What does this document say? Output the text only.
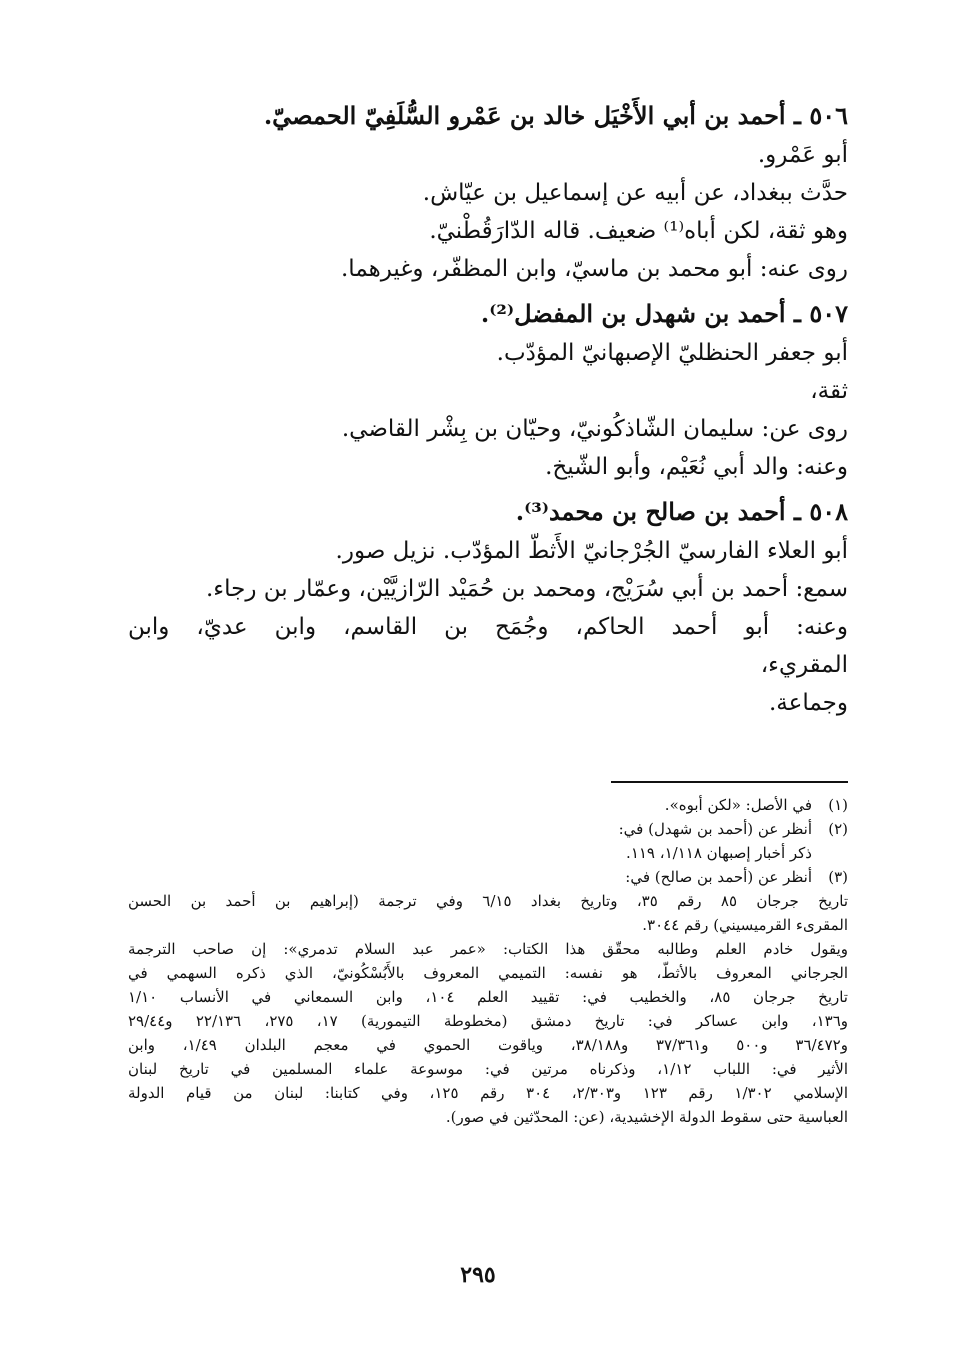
٥٠٦ ـ أحمد بن أبي الأَخْيَل خالد بن عَمْرو السُّلَفِيّ الحمصيّ.
أبو عَمْرو.
حدَّث ببغداد، عن أبيه عن إسماعيل بن عيّاش.
وهو ثقة، لكن أباه⁽¹⁾ ضعيف. قاله الدّارَقُطْنيّ.
روى عنه: أبو محمد بن ماسيّ، وابن المظفّر، وغيرهما.
٥٠٧ ـ أحمد بن شهدل بن المفضل⁽²⁾.
أبو جعفر الحنظليّ الإصبهانيّ المؤدّب.
ثقة،
روى عن: سليمان الشّاذكُونيّ، وحيّان بن بِشْر القاضي.
وعنه: والد أبي نُعَيْم، وأبو الشّيخ.
٥٠٨ ـ أحمد بن صالح بن محمد⁽³⁾.
أبو العلاء الفارسيّ الجُرْجانيّ الأَثطّ المؤدّب. نزيل صور.
سمع: أحمد بن أبي سُرَيْج، ومحمد بن حُمَيْد الرّازيَّيْن، وعمّار بن رجاء.
وعنه: أبو أحمد الحاكم، وجُمَح بن القاسم، وابن عديّ، وابن
المقريء،
وجماعة.
(١)
في الأصل: «لكن أبوه».
(٢)
أنظر عن (أحمد بن شهدل) في:
ذكر أخبار إصبهان ١/١١٨، ١١٩.
(٣)
أنظر عن (أحمد بن صالح) في:
تاريخ جرجان ٨٥ رقم ٣٥، وتاريخ بغداد ٦/١٥ وفي ترجمة (إبراهيم بن أحمد بن الحسن
المقرىء القرميسيني) رقم ٣٠٤٤.
ويقول خادم العلم وطالبه محقّق هذا الكتاب: «عمر عبد السلام تدمري»: إن صاحب الترجمة
الجرجاني المعروف بالأثطّ، هو نفسه: التميمي المعروف بالأَبُسْكُونيّ، الذي ذكره السهمي في
تاريخ جرجان ٨٥، والخطيب في: تقييد العلم ١٠٤، وابن السمعاني في الأنساب ١/١٠
و١٣٦، وابن عساكر في: تاريخ دمشق (مخطوطة التيمورية) ١٧، ٢٧٥، ٢٢/١٣٦ و٢٩/٤٤
و٣٦/٤٧٢ و٥٠٠ و٣٧/٣٦١ و٣٨/١٨٨، وياقوت الحموي في معجم البلدان ١/٤٩، وابن
الأثير في: اللباب ١/١٢، وذكرناه مرتين في: موسوعة علماء المسلمين في تاريخ لبنان
الإسلامي ١/٣٠٢ رقم ١٢٣ و٢/٣٠٣، ٣٠٤ رقم ١٢٥، وفي كتابنا: لبنان من قيام الدولة
العباسية حتى سقوط الدولة الإخشيدية، (عن: المحدّثين في صور).
٢٩٥
